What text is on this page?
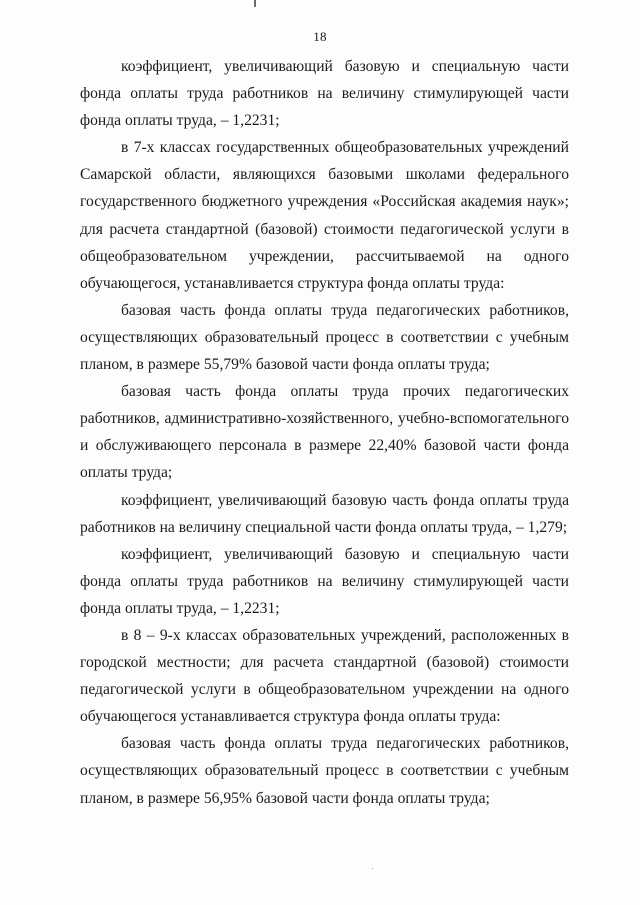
18

коэффициент, увеличивающий базовую и специальную части фонда оплаты труда работников на величину стимулирующей части фонда оплаты труда, – 1,2231;

в 7-х классах государственных общеобразовательных учреждений Самарской области, являющихся базовыми школами федерального государственного бюджетного учреждения «Российская академия наук»; для расчета стандартной (базовой) стоимости педагогической услуги в общеобразовательном учреждении, рассчитываемой на одного обучающегося, устанавливается структура фонда оплаты труда:

базовая часть фонда оплаты труда педагогических работников, осуществляющих образовательный процесс в соответствии с учебным планом, в размере 55,79% базовой части фонда оплаты труда;

базовая часть фонда оплаты труда прочих педагогических работников, административно-хозяйственного, учебно-вспомогательного и обслуживающего персонала в размере 22,40% базовой части фонда оплаты труда;

коэффициент, увеличивающий базовую часть фонда оплаты труда работников на величину специальной части фонда оплаты труда, – 1,279;

коэффициент, увеличивающий базовую и специальную части фонда оплаты труда работников на величину стимулирующей части фонда оплаты труда, – 1,2231;

в 8 – 9-х классах образовательных учреждений, расположенных в городской местности; для расчета стандартной (базовой) стоимости педагогической услуги в общеобразовательном учреждении на одного обучающегося устанавливается структура фонда оплаты труда:

базовая часть фонда оплаты труда педагогических работников, осуществляющих образовательный процесс в соответствии с учебным планом, в размере 56,95% базовой части фонда оплаты труда;
